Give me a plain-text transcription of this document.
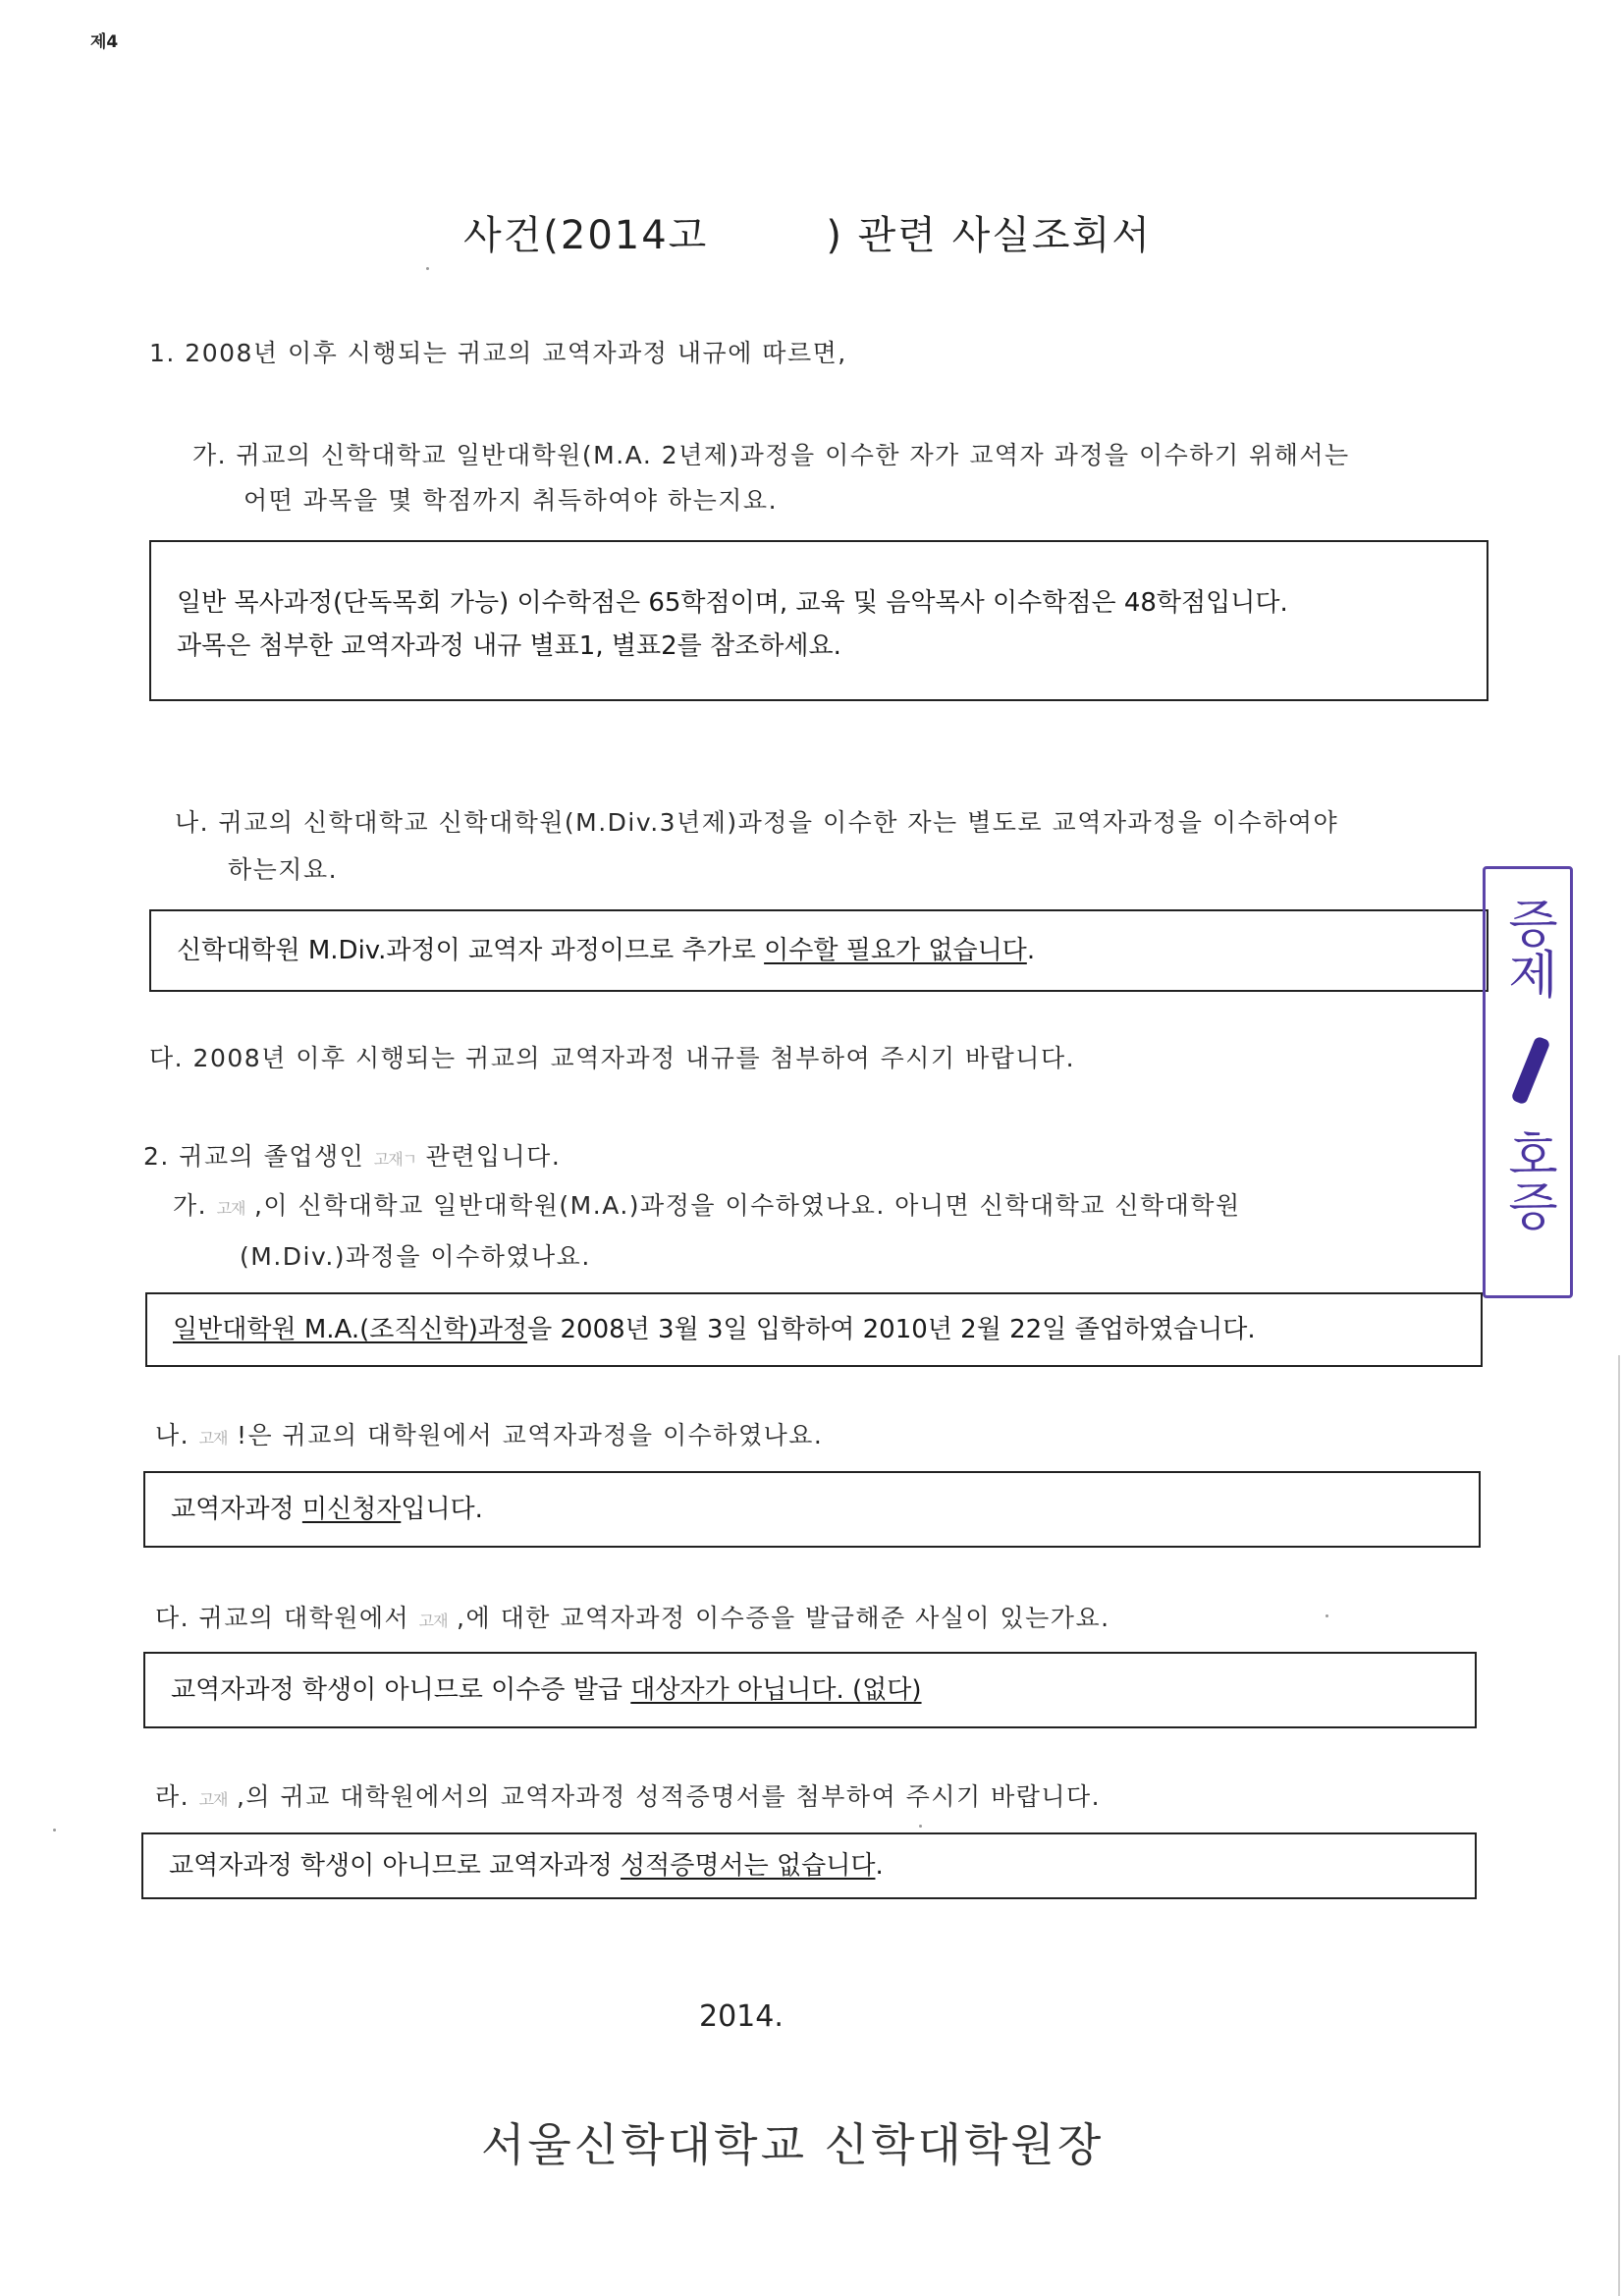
제4
사건(2014고	) 관련 사실조회서
1. 2008년 이후 시행되는 귀교의 교역자과정 내규에 따르면,
가. 귀교의 신학대학교 일반대학원(M.A. 2년제)과정을 이수한 자가 교역자 과정을 이수하기 위해서는
어떤 과목을 몇 학점까지 취득하여야 하는지요.
일반 목사과정(단독목회 가능) 이수학점은 65학점이며, 교육 및 음악목사 이수학점은 48학점입니다.
과목은 첨부한 교역자과정 내규 별표1, 별표2를 참조하세요.
나. 귀교의 신학대학교 신학대학원(M.Div.3년제)과정을 이수한 자는 별도로 교역자과정을 이수하여야
하는지요.
신학대학원 M.Div.과정이 교역자 과정이므로 추가로 이수할 필요가 없습니다.
다. 2008년 이후 시행되는 귀교의 교역자과정 내규를 첨부하여 주시기 바랍니다.
2. 귀교의 졸업생인 고재ㄱ 관련입니다.
가. 고재 ,이 신학대학교 일반대학원(M.A.)과정을 이수하였나요. 아니면 신학대학교 신학대학원
(M.Div.)과정을 이수하였나요.
일반대학원 M.A.(조직신학)과정을 2008년 3월 3일 입학하여 2010년 2월 22일 졸업하였습니다.
나. 고재 !은 귀교의 대학원에서 교역자과정을 이수하였나요.
교역자과정 미신청자입니다.
다. 귀교의 대학원에서 고재 ,에 대한 교역자과정 이수증을 발급해준 사실이 있는가요.
교역자과정 학생이 아니므로 이수증 발급 대상자가 아닙니다. (없다)
라. 고재 ,의 귀교 대학원에서의 교역자과정 성적증명서를 첨부하여 주시기 바랍니다.
교역자과정 학생이 아니므로 교역자과정 성적증명서는 없습니다.
2014.
서울신학대학교 신학대학원장
증제
호증
